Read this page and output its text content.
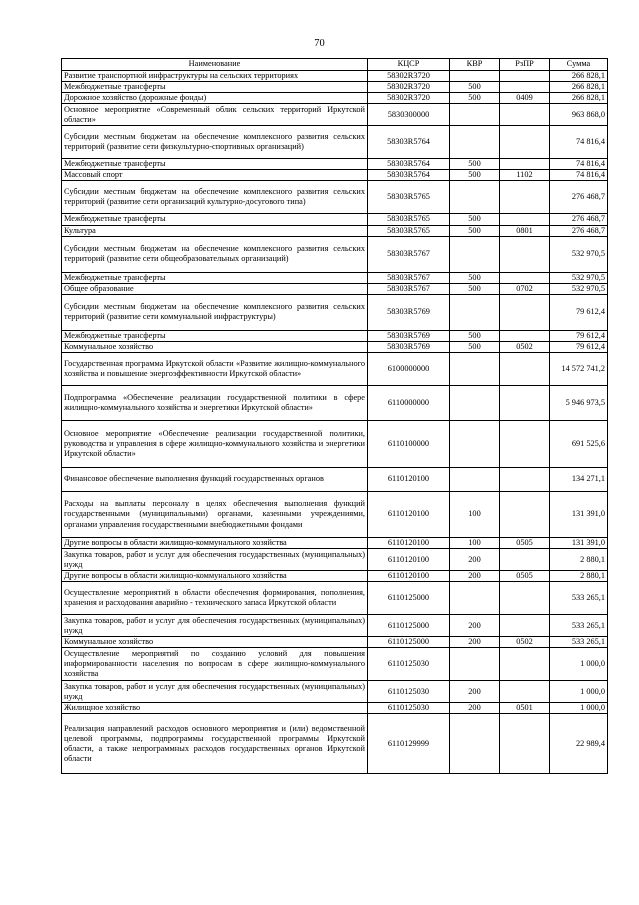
70
Наименование	КЦСР	КВР	РзПР	Сумма
Развитие транспортной инфраструктуры на сельских территориях	58302R3720			266 828,1
Межбюджетные трансферты	58302R3720	500		266 828,1
Дорожное хозяйство (дорожные фонды)	58302R3720	500	0409	266 828,1
Основное мероприятие «Современный облик сельских территорий Иркутской области»	5830300000			963 868,0
Субсидии местным бюджетам на обеспечение комплексного развития сельских территорий (развитие сети физкультурно-спортивных организаций)	58303R5764			74 816,4
Межбюджетные трансферты	58303R5764	500		74 816,4
Массовый спорт	58303R5764	500	1102	74 816,4
Субсидии местным бюджетам на обеспечение комплексного развития сельских территорий (развитие сети организаций культурно-досугового типа)	58303R5765			276 468,7
Межбюджетные трансферты	58303R5765	500		276 468,7
Культура	58303R5765	500	0801	276 468,7
Субсидии местным бюджетам на обеспечение комплексного развития сельских территорий (развитие сети общеобразовательных организаций)	58303R5767			532 970,5
Межбюджетные трансферты	58303R5767	500		532 970,5
Общее образование	58303R5767	500	0702	532 970,5
Субсидии местным бюджетам на обеспечение комплексного развития сельских территорий (развитие сети коммунальной инфраструктуры)	58303R5769			79 612,4
Межбюджетные трансферты	58303R5769	500		79 612,4
Коммунальное хозяйство	58303R5769	500	0502	79 612,4
Государственная программа Иркутской области «Развитие жилищно-коммунального хозяйства и повышение энергоэффективности Иркутской области»	6100000000			14 572 741,2
Подпрограмма «Обеспечение реализации государственной политики в сфере жилищно-коммунального хозяйства и энергетики Иркутской области»	6110000000			5 946 973,5
Основное мероприятие «Обеспечение реализации государственной политики, руководства и управления в сфере жилищно-коммунального хозяйства и энергетики Иркутской области»	6110100000			691 525,6
Финансовое обеспечение выполнения функций государственных органов	6110120100			134 271,1
Расходы на выплаты персоналу в целях обеспечения выполнения функций государственными (муниципальными) органами, казенными учреждениями, органами управления государственными внебюджетными фондами	6110120100	100		131 391,0
Другие вопросы в области жилищно-коммунального хозяйства	6110120100	100	0505	131 391,0
Закупка товаров, работ и услуг для обеспечения государственных (муниципальных) нужд	6110120100	200		2 880,1
Другие вопросы в области жилищно-коммунального хозяйства	6110120100	200	0505	2 880,1
Осуществление мероприятий в области обеспечения формирования, пополнения, хранения и расходования аварийно - технического запаса Иркутской области	6110125000			533 265,1
Закупка товаров, работ и услуг для обеспечения государственных (муниципальных) нужд	6110125000	200		533 265,1
Коммунальное хозяйство	6110125000	200	0502	533 265,1
Осуществление мероприятий по созданию условий для повышения информированности населения по вопросам в сфере жилищно-коммунального хозяйства	6110125030			1 000,0
Закупка товаров, работ и услуг для обеспечения государственных (муниципальных) нужд	6110125030	200		1 000,0
Жилищное хозяйство	6110125030	200	0501	1 000,0
Реализация направлений расходов основного мероприятия и (или) ведомственной целевой программы, подпрограммы государственной программы Иркутской области, а также непрограммных расходов государственных органов Иркутской области	6110129999			22 989,4
